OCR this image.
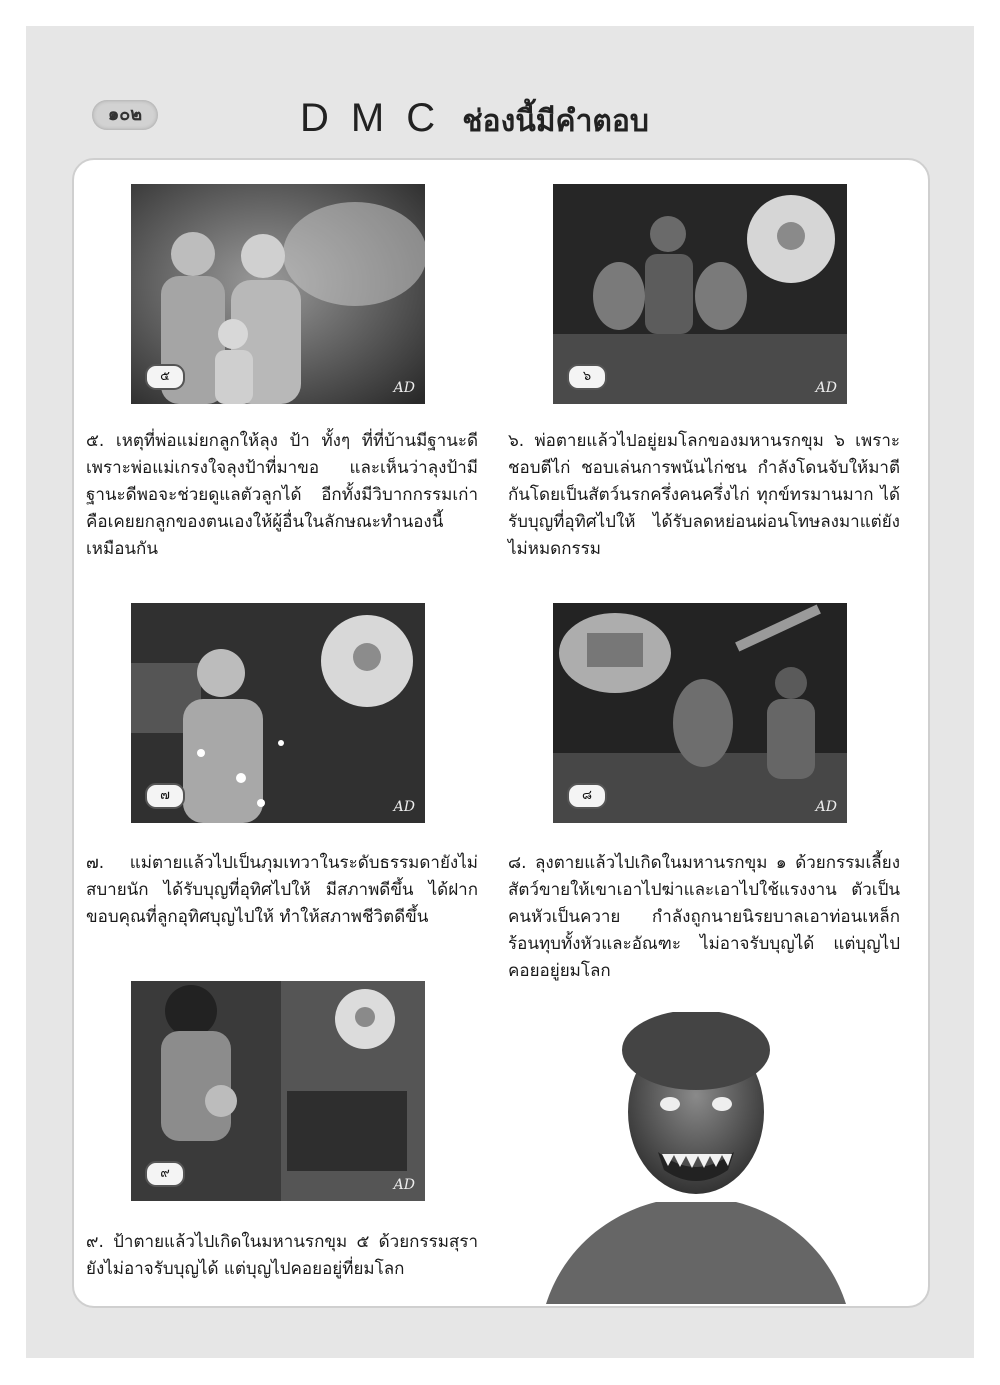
๑๐๒	DMC ช่องนี้มีคำตอบ
๕
AD
๖
AD
๕. เหตุที่พ่อแม่ยกลูกให้ลุง ป้า ทั้งๆ ที่ที่บ้านมีฐานะดีเพราะพ่อแม่เกรงใจลุงป้าที่มาขอ และเห็นว่าลุงป้ามีฐานะดีพอจะช่วยดูแลตัวลูกได้ อีกทั้งมีวิบากกรรมเก่า คือเคยยกลูกของตนเองให้ผู้อื่นในลักษณะทำนองนี้เหมือนกัน
๖. พ่อตายแล้วไปอยู่ยมโลกของมหานรกขุม ๖ เพราะชอบตีไก่ ชอบเล่นการพนันไก่ชน กำลังโดนจับให้มาตีกันโดยเป็นสัตว์นรกครึ่งคนครึ่งไก่ ทุกข์ทรมานมาก ได้รับบุญที่อุทิศไปให้ ได้รับลดหย่อนผ่อนโทษลงมาแต่ยังไม่หมดกรรม
๗
AD
๘
AD
๗. แม่ตายแล้วไปเป็นภุมเทวาในระดับธรรมดายังไม่สบายนัก ได้รับบุญที่อุทิศไปให้ มีสภาพดีขึ้น ได้ฝากขอบคุณที่ลูกอุทิศบุญไปให้ ทำให้สภาพชีวิตดีขึ้น
๘. ลุงตายแล้วไปเกิดในมหานรกขุม ๑ ด้วยกรรมเลี้ยงสัตว์ขายให้เขาเอาไปฆ่าและเอาไปใช้แรงงาน ตัวเป็นคนหัวเป็นควาย กำลังถูกนายนิรยบาลเอาท่อนเหล็กร้อนทุบทั้งหัวและอัณฑะ ไม่อาจรับบุญได้ แต่บุญไปคอยอยู่ยมโลก
๙
AD
๙. ป้าตายแล้วไปเกิดในมหานรกขุม ๕ ด้วยกรรมสุรา ยังไม่อาจรับบุญได้ แต่บุญไปคอยอยู่ที่ยมโลก
